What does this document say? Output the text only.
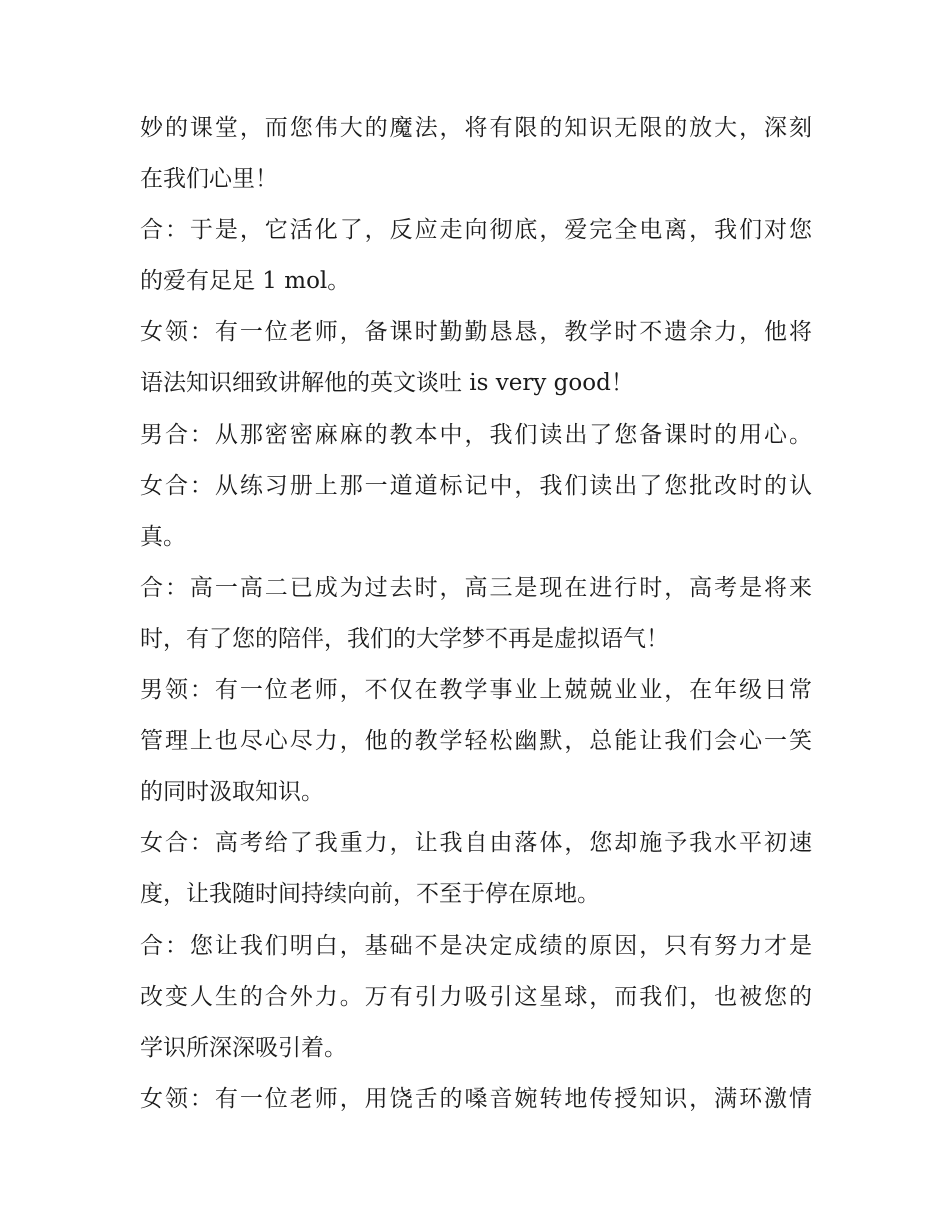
妙的课堂，而您伟大的魔法，将有限的知识无限的放大，深刻
在我们心里！
合：于是，它活化了，反应走向彻底，爱完全电离，我们对您
的爱有足足 1 mol。
女领：有一位老师，备课时勤勤恳恳，教学时不遗余力，他将
语法知识细致讲解他的英文谈吐 is very good！
男合：从那密密麻麻的教本中，我们读出了您备课时的用心。
女合：从练习册上那一道道标记中，我们读出了您批改时的认
真。
合：高一高二已成为过去时，高三是现在进行时，高考是将来
时，有了您的陪伴，我们的大学梦不再是虚拟语气！
男领：有一位老师，不仅在教学事业上兢兢业业，在年级日常
管理上也尽心尽力，他的教学轻松幽默，总能让我们会心一笑
的同时汲取知识。
女合：高考给了我重力，让我自由落体，您却施予我水平初速
度，让我随时间持续向前，不至于停在原地。
合：您让我们明白，基础不是决定成绩的原因，只有努力才是
改变人生的合外力。万有引力吸引这星球，而我们，也被您的
学识所深深吸引着。
女领：有一位老师，用饶舌的嗓音婉转地传授知识，满环激情
